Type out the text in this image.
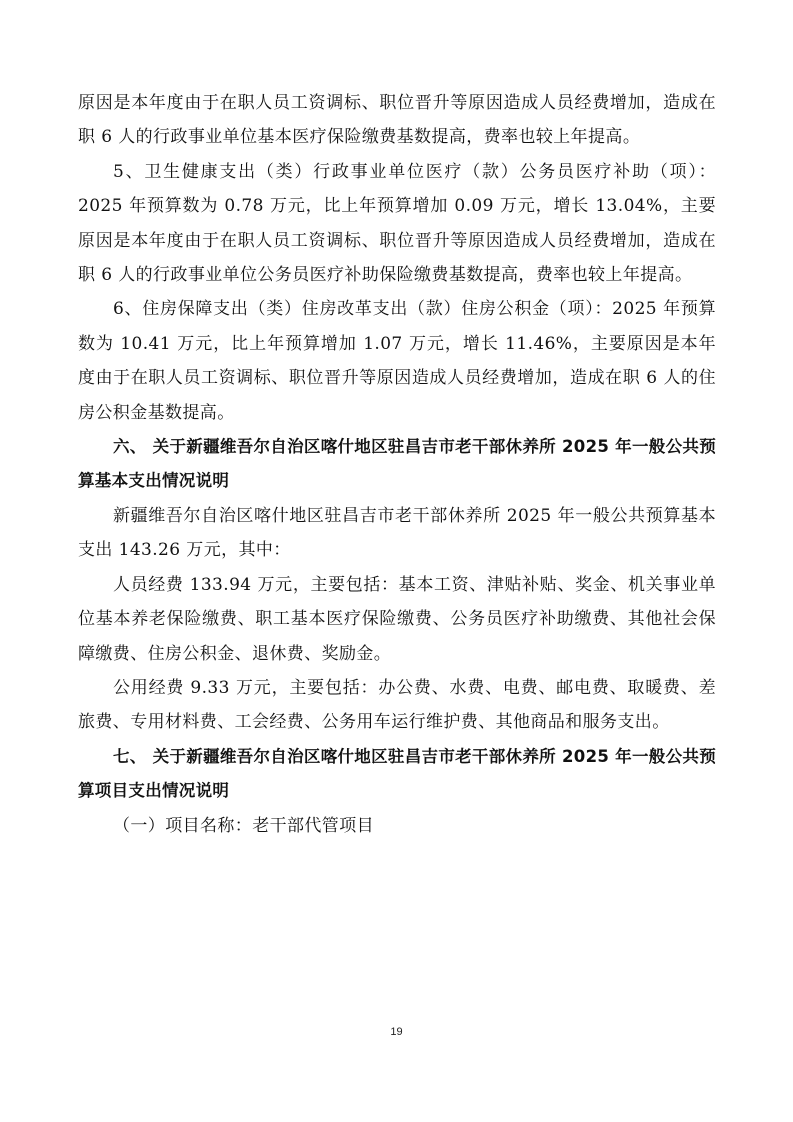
原因是本年度由于在职人员工资调标、职位晋升等原因造成人员经费增加，造成在职 6 人的行政事业单位基本医疗保险缴费基数提高，费率也较上年提高。

5、卫生健康支出（类）行政事业单位医疗（款）公务员医疗补助（项）：2025 年预算数为 0.78 万元，比上年预算增加 0.09 万元，增长 13.04%，主要原因是本年度由于在职人员工资调标、职位晋升等原因造成人员经费增加，造成在职 6 人的行政事业单位公务员医疗补助保险缴费基数提高，费率也较上年提高。

6、住房保障支出（类）住房改革支出（款）住房公积金（项）：2025 年预算数为 10.41 万元，比上年预算增加 1.07 万元，增长 11.46%，主要原因是本年度由于在职人员工资调标、职位晋升等原因造成人员经费增加，造成在职 6 人的住房公积金基数提高。

六、 关于新疆维吾尔自治区喀什地区驻昌吉市老干部休养所 2025 年一般公共预算基本支出情况说明

新疆维吾尔自治区喀什地区驻昌吉市老干部休养所 2025 年一般公共预算基本支出 143.26 万元，其中：

人员经费 133.94 万元，主要包括：基本工资、津贴补贴、奖金、机关事业单位基本养老保险缴费、职工基本医疗保险缴费、公务员医疗补助缴费、其他社会保障缴费、住房公积金、退休费、奖励金。

公用经费 9.33 万元，主要包括：办公费、水费、电费、邮电费、取暖费、差旅费、专用材料费、工会经费、公务用车运行维护费、其他商品和服务支出。

七、 关于新疆维吾尔自治区喀什地区驻昌吉市老干部休养所 2025 年一般公共预算项目支出情况说明

（一）项目名称：老干部代管项目

19
